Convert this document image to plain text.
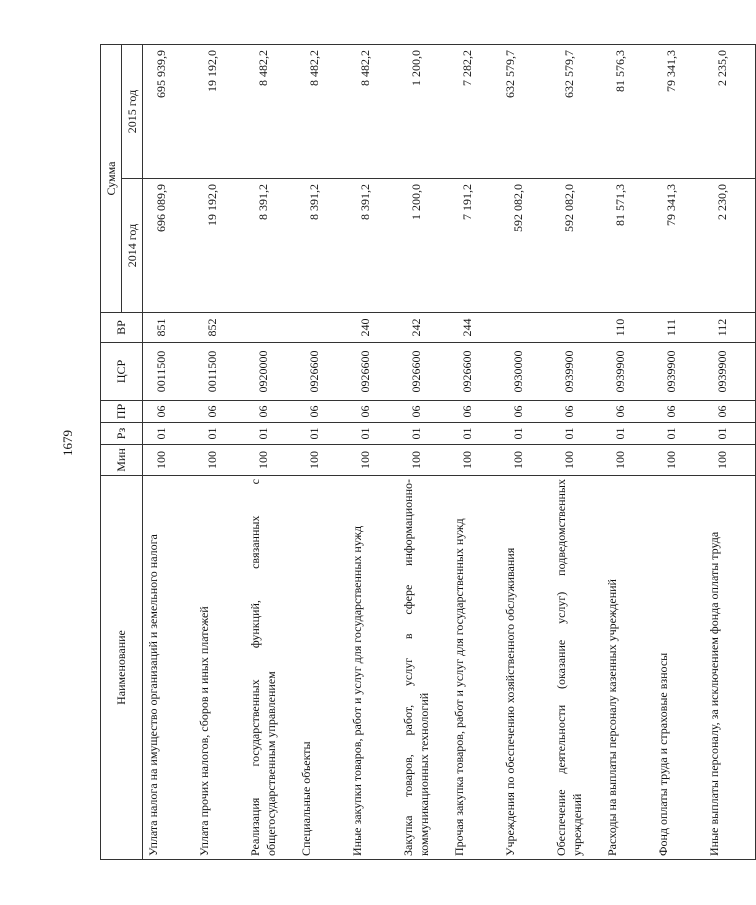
1679
Наименование	Мин	Рз	ПР	ЦСР	ВР	Сумма	
						2014 год	2015 год
Уплата налога на имущество организаций и земельного налога	100	01	06	0011500	851	696 089,9	695 939,9
Уплата прочих налогов, сборов и иных платежей	100	01	06	0011500	852	19 192,0	19 192,0
Реализация государственных функций, связанных с общегосударственным управлением	100	01	06	0920000		8 391,2	8 482,2
Специальные объекты	100	01	06	0926600		8 391,2	8 482,2
Иные закупки товаров, работ и услуг для государственных нужд	100	01	06	0926600	240	8 391,2	8 482,2
Закупка товаров, работ, услуг в сфере информационно-коммуникационных технологий	100	01	06	0926600	242	1 200,0	1 200,0
Прочая закупка товаров, работ и услуг для государственных нужд	100	01	06	0926600	244	7 191,2	7 282,2
Учреждения по обеспечению хозяйственного обслуживания	100	01	06	0930000		592 082,0	632 579,7
Обеспечение деятельности (оказание услуг) подведомственных учреждений	100	01	06	0939900		592 082,0	632 579,7
Расходы на выплаты персоналу казенных учреждений	100	01	06	0939900	110	81 571,3	81 576,3
Фонд оплаты труда и страховые взносы	100	01	06	0939900	111	79 341,3	79 341,3
Иные выплаты персоналу, за исключением фонда оплаты труда	100	01	06	0939900	112	2 230,0	2 235,0
